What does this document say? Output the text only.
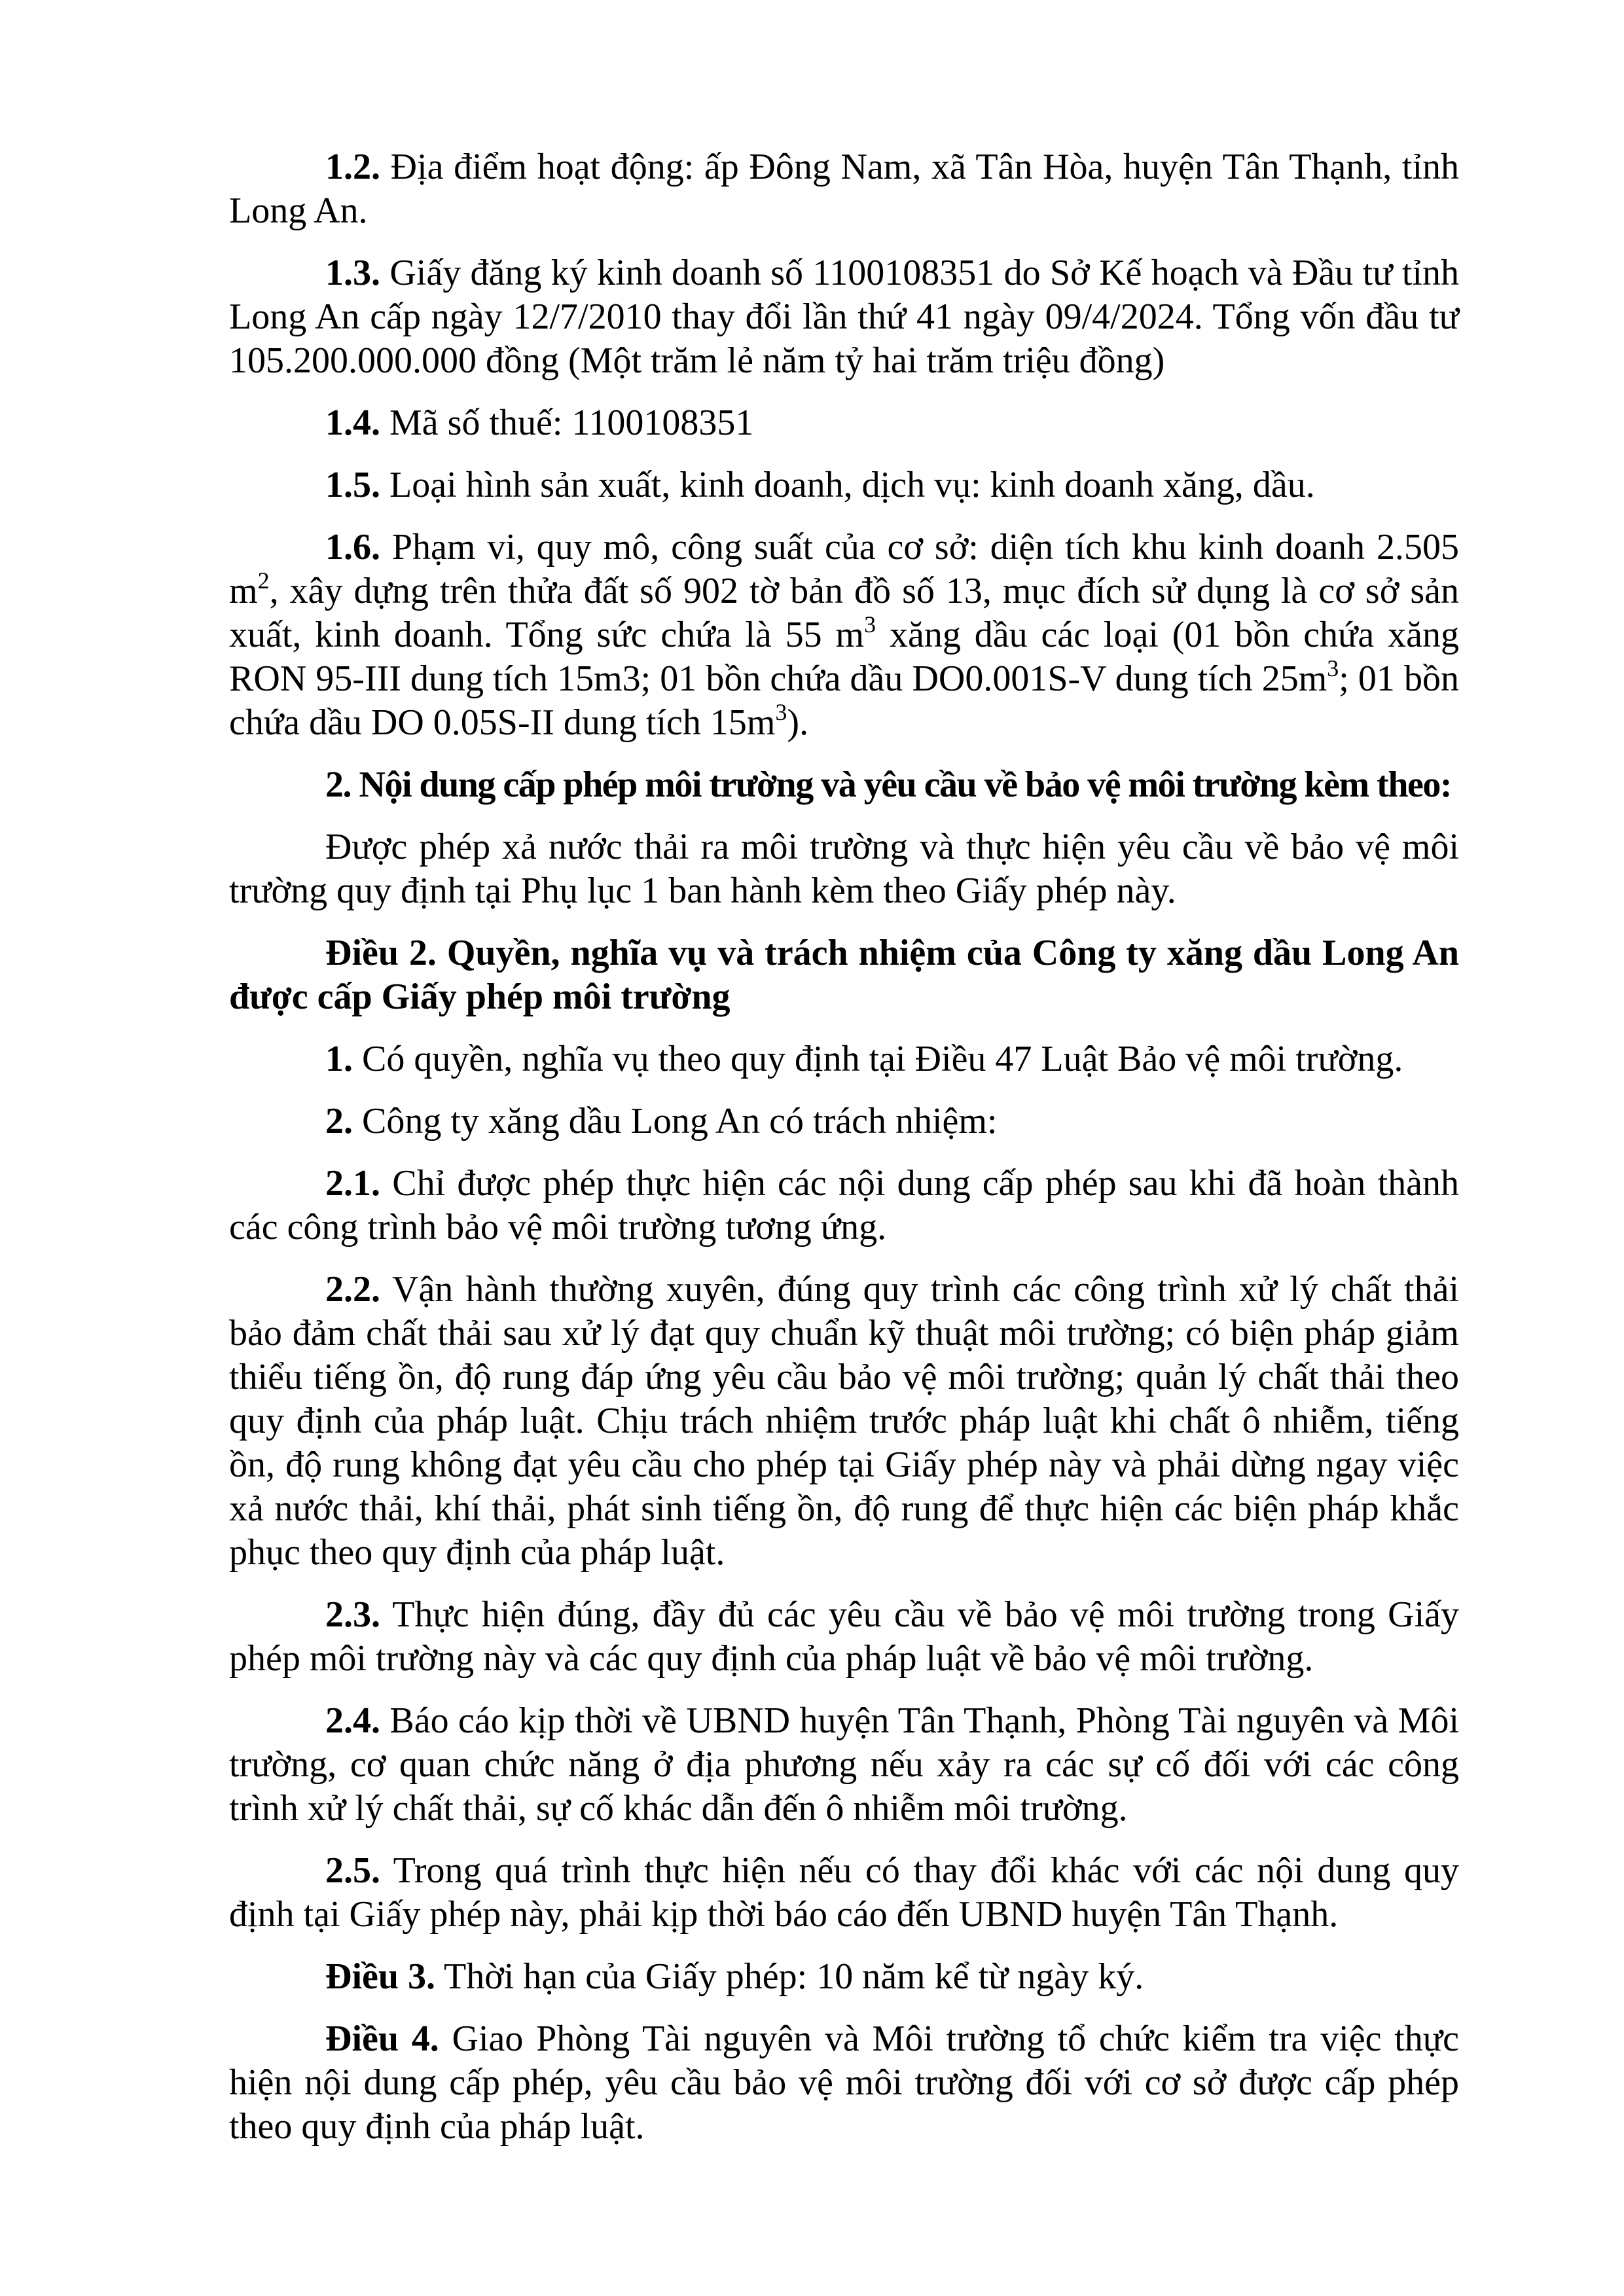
1.2. Địa điểm hoạt động: ấp Đông Nam, xã Tân Hòa, huyện Tân Thạnh, tỉnh Long An.

1.3. Giấy đăng ký kinh doanh số 1100108351 do Sở Kế hoạch và Đầu tư tỉnh Long An cấp ngày 12/7/2010 thay đổi lần thứ 41 ngày 09/4/2024. Tổng vốn đầu tư 105.200.000.000 đồng (Một trăm lẻ năm tỷ hai trăm triệu đồng)

1.4. Mã số thuế: 1100108351

1.5. Loại hình sản xuất, kinh doanh, dịch vụ: kinh doanh xăng, dầu.

1.6. Phạm vi, quy mô, công suất của cơ sở: diện tích khu kinh doanh 2.505 $m^2$, xây dựng trên thửa đất số 902 tờ bản đồ số 13, mục đích sử dụng là cơ sở sản xuất, kinh doanh. Tổng sức chứa là 55 $m^3$ xăng dầu các loại (01 bồn chứa xăng RON 95-III dung tích 15m3; 01 bồn chứa dầu DO0.001S-V dung tích $25m^3$; 01 bồn chứa dầu DO 0.05S-II dung tích $15m^3$).

2. Nội dung cấp phép môi trường và yêu cầu về bảo vệ môi trường kèm theo:

Được phép xả nước thải ra môi trường và thực hiện yêu cầu về bảo vệ môi trường quy định tại Phụ lục 1 ban hành kèm theo Giấy phép này.

Điều 2. Quyền, nghĩa vụ và trách nhiệm của Công ty xăng dầu Long An được cấp Giấy phép môi trường

1. Có quyền, nghĩa vụ theo quy định tại Điều 47 Luật Bảo vệ môi trường.

2. Công ty xăng dầu Long An có trách nhiệm:

2.1. Chỉ được phép thực hiện các nội dung cấp phép sau khi đã hoàn thành các công trình bảo vệ môi trường tương ứng.

2.2. Vận hành thường xuyên, đúng quy trình các công trình xử lý chất thải bảo đảm chất thải sau xử lý đạt quy chuẩn kỹ thuật môi trường; có biện pháp giảm thiểu tiếng ồn, độ rung đáp ứng yêu cầu bảo vệ môi trường; quản lý chất thải theo quy định của pháp luật. Chịu trách nhiệm trước pháp luật khi chất ô nhiễm, tiếng ồn, độ rung không đạt yêu cầu cho phép tại Giấy phép này và phải dừng ngay việc xả nước thải, khí thải, phát sinh tiếng ồn, độ rung để thực hiện các biện pháp khắc phục theo quy định của pháp luật.

2.3. Thực hiện đúng, đầy đủ các yêu cầu về bảo vệ môi trường trong Giấy phép môi trường này và các quy định của pháp luật về bảo vệ môi trường.

2.4. Báo cáo kịp thời về UBND huyện Tân Thạnh, Phòng Tài nguyên và Môi trường, cơ quan chức năng ở địa phương nếu xảy ra các sự cố đối với các công trình xử lý chất thải, sự cố khác dẫn đến ô nhiễm môi trường.

2.5. Trong quá trình thực hiện nếu có thay đổi khác với các nội dung quy định tại Giấy phép này, phải kịp thời báo cáo đến UBND huyện Tân Thạnh.

Điều 3. Thời hạn của Giấy phép: 10 năm kể từ ngày ký.

Điều 4. Giao Phòng Tài nguyên và Môi trường tổ chức kiểm tra việc thực hiện nội dung cấp phép, yêu cầu bảo vệ môi trường đối với cơ sở được cấp phép theo quy định của pháp luật.
